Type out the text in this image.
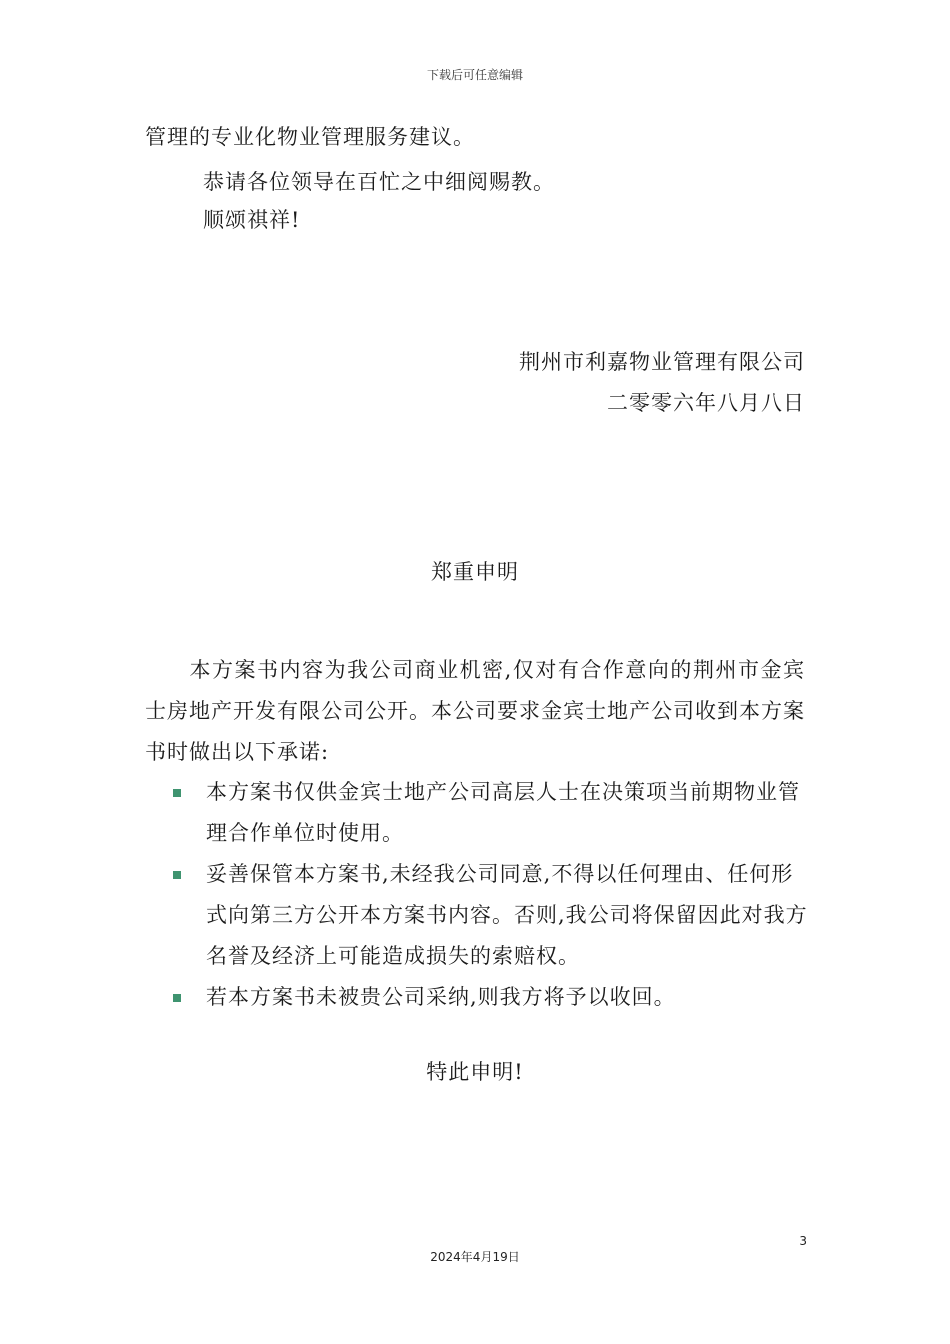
下载后可任意编辑
管理的专业化物业管理服务建议。
恭请各位领导在百忙之中细阅赐教。
顺颂祺祥!
荆州市利嘉物业管理有限公司
二零零六年八月八日
郑重申明
本方案书内容为我公司商业机密,仅对有合作意向的荆州市金宾士房地产开发有限公司公开。本公司要求金宾士地产公司收到本方案书时做出以下承诺:
本方案书仅供金宾士地产公司高层人士在决策项当前期物业管理合作单位时使用。
妥善保管本方案书,未经我公司同意,不得以任何理由、任何形式向第三方公开本方案书内容。否则,我公司将保留因此对我方名誉及经济上可能造成损失的索赔权。
若本方案书未被贵公司采纳,则我方将予以收回。
特此申明!
3
2024年4月19日
